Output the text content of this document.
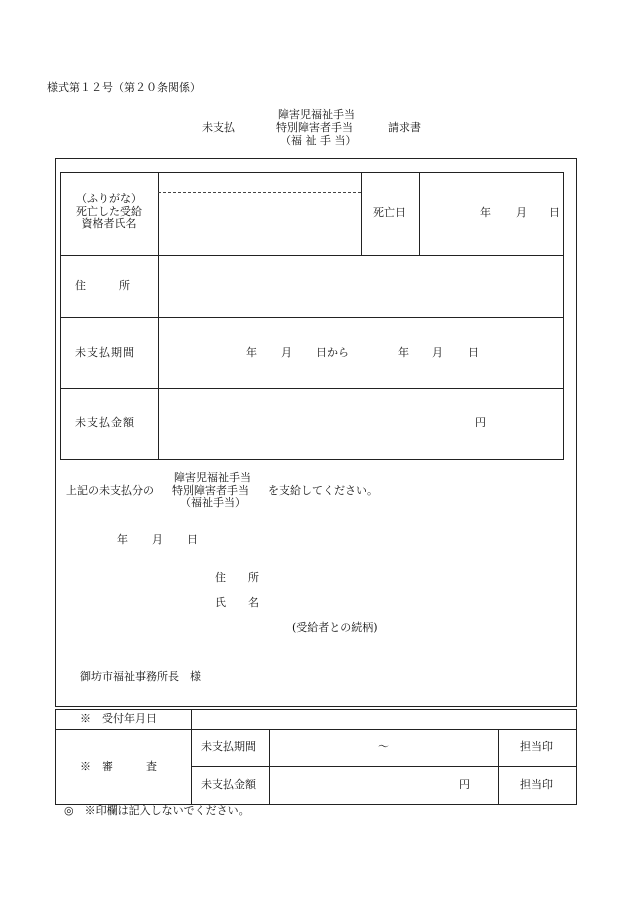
様式第１２号（第２０条関係）
未支払
障害児福祉手当
特別障害者手当
（福 祉 手 当）
請求書
（ふりがな）
死亡した受給
資格者氏名
死亡日	年 月 日
住　　　所
未支払期間	年 月 日から	年 月 日
未支払金額	円
上記の未支払分の
障害児福祉手当
特別障害者手当
（福祉手当）
を支給してください。
年 月 日
住　　所
氏　　名
(受給者との続柄)
御坊市福祉事務所長　様
※　受付年月日
※　審　　　査
未支払期間	～	担当印
未支払金額	円	担当印
◎　※印欄は記入しないでください。
